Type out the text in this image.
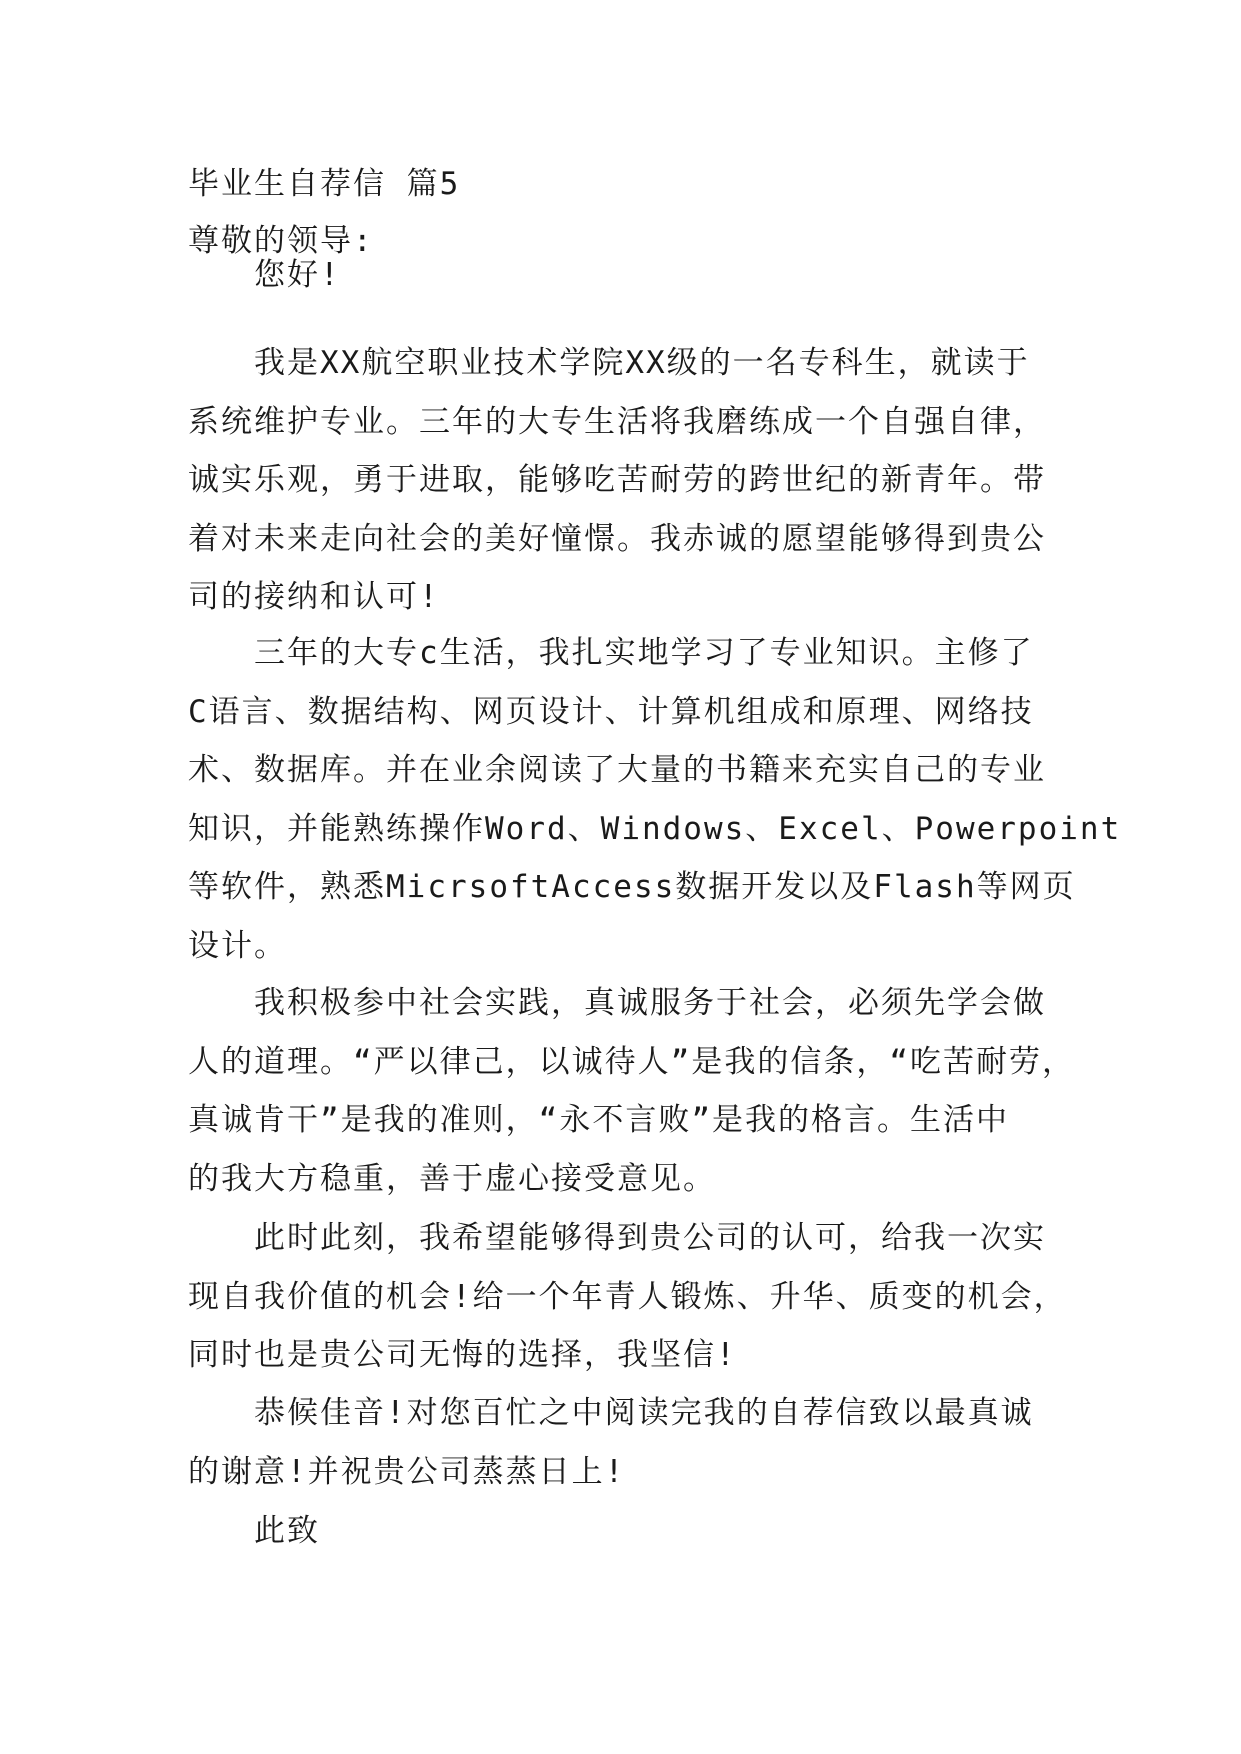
毕业生自荐信 篇5
尊敬的领导:
您好!
我是XX航空职业技术学院XX级的一名专科生，就读于
系统维护专业。三年的大专生活将我磨练成一个自强自律，
诚实乐观，勇于进取，能够吃苦耐劳的跨世纪的新青年。带
着对未来走向社会的美好憧憬。我赤诚的愿望能够得到贵公
司的接纳和认可!
三年的大专c生活，我扎实地学习了专业知识。主修了
C语言、数据结构、网页设计、计算机组成和原理、网络技
术、数据库。并在业余阅读了大量的书籍来充实自己的专业
知识，并能熟练操作Word、Windows、Excel、Powerpoint
等软件，熟悉MicrsoftAccess数据开发以及Flash等网页
设计。
我积极参中社会实践，真诚服务于社会，必须先学会做
人的道理。“严以律己，以诚待人”是我的信条，“吃苦耐劳，
真诚肯干”是我的准则，“永不言败”是我的格言。生活中
的我大方稳重，善于虚心接受意见。
此时此刻，我希望能够得到贵公司的认可，给我一次实
现自我价值的机会!给一个年青人锻炼、升华、质变的机会，
同时也是贵公司无悔的选择，我坚信!
恭候佳音!对您百忙之中阅读完我的自荐信致以最真诚
的谢意!并祝贵公司蒸蒸日上!
此致
